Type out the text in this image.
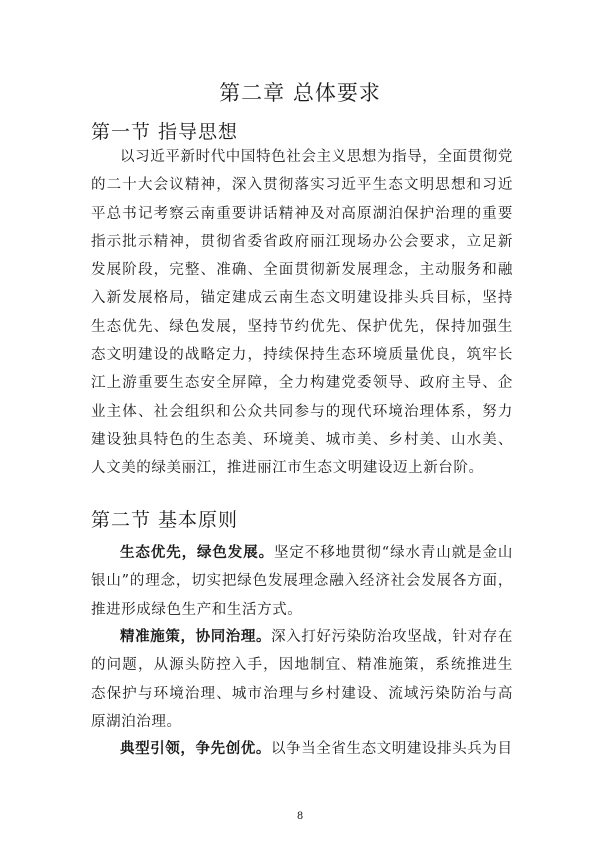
第二章 总体要求
第一节 指导思想

以习近平新时代中国特色社会主义思想为指导，全面贯彻党的二十大会议精神，深入贯彻落实习近平生态文明思想和习近平总书记考察云南重要讲话精神及对高原湖泊保护治理的重要指示批示精神，贯彻省委省政府丽江现场办公会要求，立足新发展阶段，完整、准确、全面贯彻新发展理念，主动服务和融入新发展格局，锚定建成云南生态文明建设排头兵目标，坚持生态优先、绿色发展，坚持节约优先、保护优先，保持加强生态文明建设的战略定力，持续保持生态环境质量优良，筑牢长江上游重要生态安全屏障，全力构建党委领导、政府主导、企业主体、社会组织和公众共同参与的现代环境治理体系，努力建设独具特色的生态美、环境美、城市美、乡村美、山水美、人文美的绿美丽江，推进丽江市生态文明建设迈上新台阶。

第二节 基本原则

生态优先，绿色发展。坚定不移地贯彻“绿水青山就是金山银山”的理念，切实把绿色发展理念融入经济社会发展各方面，推进形成绿色生产和生活方式。

精准施策，协同治理。深入打好污染防治攻坚战，针对存在的问题，从源头防控入手，因地制宜、精准施策，系统推进生态保护与环境治理、城市治理与乡村建设、流域污染防治与高原湖泊治理。

典型引领，争先创优。以争当全省生态文明建设排头兵为目

8
